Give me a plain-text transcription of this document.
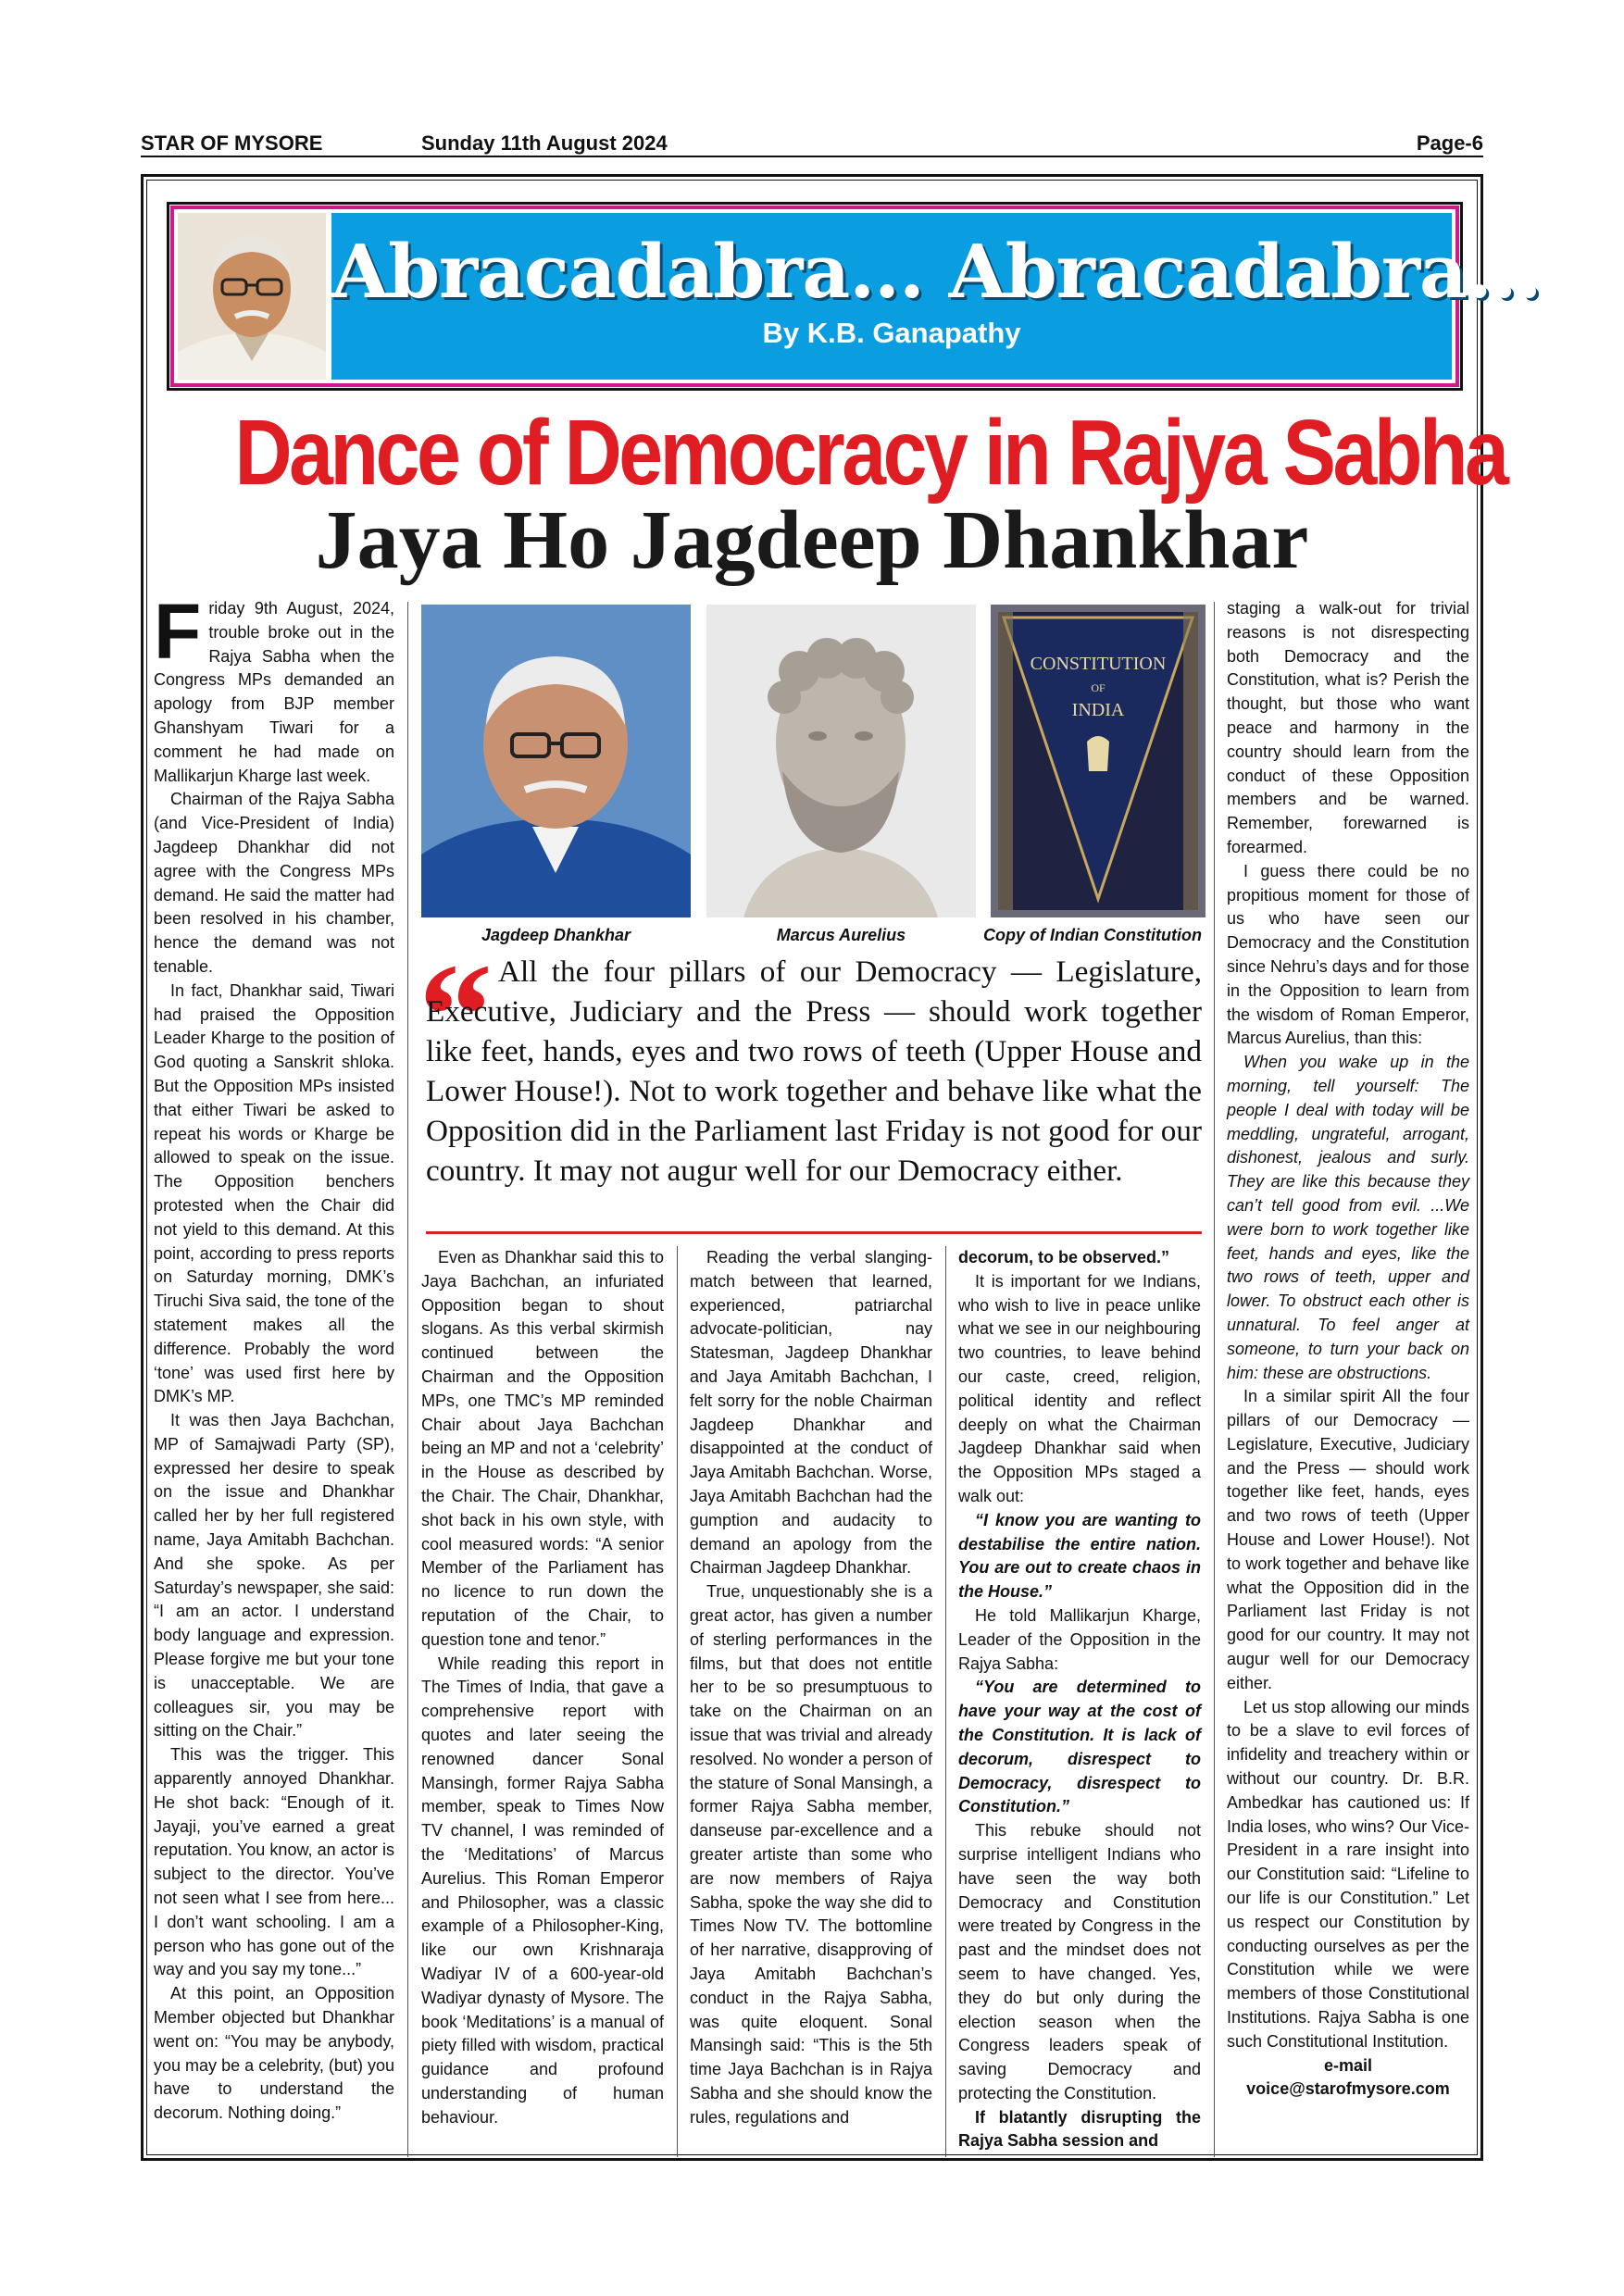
STAR OF MYSORE	Sunday 11th August 2024	Page-6
Abracadabra... Abracadabra...
By K.B. Ganapathy
Dance of Democracy in Rajya Sabha
Jaya Ho Jagdeep Dhankhar
CONSTITUTION
OF
INDIA
Jagdeep Dhankhar	Marcus Aurelius	Copy of Indian Constitution
“ All the four pillars of our Democracy — Legislature, Executive, Judiciary and the Press — should work together like feet, hands, eyes and two rows of teeth (Upper House and Lower House!). Not to work together and behave like what the Opposition did in the Parliament last Friday is not good for our country. It may not augur well for our Democracy either.

Friday 9th August, 2024, trouble broke out in the Rajya Sabha when the Congress MPs demanded an apology from BJP member Ghanshyam Tiwari for a comment he had made on Mallikarjun Kharge last week.

Chairman of the Rajya Sabha (and Vice-President of India) Jagdeep Dhankhar did not agree with the Congress MPs demand. He said the matter had been resolved in his chamber, hence the demand was not tenable.

In fact, Dhankhar said, Tiwari had praised the Opposition Leader Kharge to the position of God quoting a Sanskrit shloka. But the Opposition MPs insisted that either Tiwari be asked to repeat his words or Kharge be allowed to speak on the issue. The Opposition benchers protested when the Chair did not yield to this demand. At this point, according to press reports on Saturday morning, DMK’s Tiruchi Siva said, the tone of the statement makes all the difference. Probably the word ‘tone’ was used first here by DMK’s MP.

It was then Jaya Bachchan, MP of Samajwadi Party (SP), expressed her desire to speak on the issue and Dhankhar called her by her full registered name, Jaya Amitabh Bachchan. And she spoke. As per Saturday’s newspaper, she said: “I am an actor. I understand body language and expression. Please forgive me but your tone is unacceptable. We are colleagues sir, you may be sitting on the Chair.”

This was the trigger. This apparently annoyed Dhankhar. He shot back: “Enough of it. Jayaji, you’ve earned a great reputation. You know, an actor is subject to the director. You’ve not seen what I see from here... I don’t want schooling. I am a person who has gone out of the way and you say my tone...”

At this point, an Opposition Member objected but Dhankhar went on: “You may be anybody, you may be a celebrity, (but) you have to understand the decorum. Nothing doing.”

Even as Dhankhar said this to Jaya Bachchan, an infuriated Opposition began to shout slogans. As this verbal skirmish continued between the Chairman and the Opposition MPs, one TMC’s MP reminded Chair about Jaya Bachchan being an MP and not a ‘celebrity’ in the House as described by the Chair. The Chair, Dhankhar, shot back in his own style, with cool measured words: “A senior Member of the Parliament has no licence to run down the reputation of the Chair, to question tone and tenor.”

While reading this report in The Times of India, that gave a comprehensive report with quotes and later seeing the renowned dancer Sonal Mansingh, former Rajya Sabha member, speak to Times Now TV channel, I was reminded of the ‘Meditations’ of Marcus Aurelius. This Roman Emperor and Philosopher, was a classic example of a Philosopher-King, like our own Krishnaraja Wadiyar IV of a 600-year-old Wadiyar dynasty of Mysore. The book ‘Meditations’ is a manual of piety filled with wisdom, practical guidance and profound understanding of human behaviour.

Reading the verbal slanging-match between that learned, experienced, patriarchal advocate-politician, nay Statesman, Jagdeep Dhankhar and Jaya Amitabh Bachchan, I felt sorry for the noble Chairman Jagdeep Dhankhar and disappointed at the conduct of Jaya Amitabh Bachchan. Worse, Jaya Amitabh Bachchan had the gumption and audacity to demand an apology from the Chairman Jagdeep Dhankhar.

True, unquestionably she is a great actor, has given a number of sterling performances in the films, but that does not entitle her to be so presumptuous to take on the Chairman on an issue that was trivial and already resolved. No wonder a person of the stature of Sonal Mansingh, a former Rajya Sabha member, danseuse par-excellence and a greater artiste than some who are now members of Rajya Sabha, spoke the way she did to Times Now TV. The bottomline of her narrative, disapproving of Jaya Amitabh Bachchan’s conduct in the Rajya Sabha, was quite eloquent. Sonal Mansingh said: “This is the 5th time Jaya Bachchan is in Rajya Sabha and she should know the rules, regulations and

decorum, to be observed.”

It is important for we Indians, who wish to live in peace unlike what we see in our neighbouring two countries, to leave behind our caste, creed, religion, political identity and reflect deeply on what the Chairman Jagdeep Dhankhar said when the Opposition MPs staged a walk out:

“I know you are wanting to destabilise the entire nation. You are out to create chaos in the House.”

He told Mallikarjun Kharge, Leader of the Opposition in the Rajya Sabha:

“You are determined to have your way at the cost of the Constitution. It is lack of decorum, disrespect to Democracy, disrespect to Constitution.”

This rebuke should not surprise intelligent Indians who have seen the way both Democracy and Constitution were treated by Congress in the past and the mindset does not seem to have changed. Yes, they do but only during the election season when the Congress leaders speak of saving Democracy and protecting the Constitution.

If blatantly disrupting the Rajya Sabha session and

staging a walk-out for trivial reasons is not disrespecting both Democracy and the Constitution, what is? Perish the thought, but those who want peace and harmony in the country should learn from the conduct of these Opposition members and be warned. Remember, forewarned is forearmed.

I guess there could be no propitious moment for those of us who have seen our Democracy and the Constitution since Nehru’s days and for those in the Opposition to learn from the wisdom of Roman Emperor, Marcus Aurelius, than this:

When you wake up in the morning, tell yourself: The people I deal with today will be meddling, ungrateful, arrogant, dishonest, jealous and surly. They are like this because they can’t tell good from evil. ...We were born to work together like feet, hands and eyes, like the two rows of teeth, upper and lower. To obstruct each other is unnatural. To feel anger at someone, to turn your back on him: these are obstructions.

In a similar spirit All the four pillars of our Democracy — Legislature, Executive, Judiciary and the Press — should work together like feet, hands, eyes and two rows of teeth (Upper House and Lower House!). Not to work together and behave like what the Opposition did in the Parliament last Friday is not good for our country. It may not augur well for our Democracy either.

Let us stop allowing our minds to be a slave to evil forces of infidelity and treachery within or without our country. Dr. B.R. Ambedkar has cautioned us: If India loses, who wins? Our Vice-President in a rare insight into our Constitution said: “Lifeline to our life is our Constitution.” Let us respect our Constitution by conducting ourselves as per the Constitution while we were members of those Constitutional Institutions. Rajya Sabha is one such Constitutional Institution.

e-mail

voice@starofmysore.com
